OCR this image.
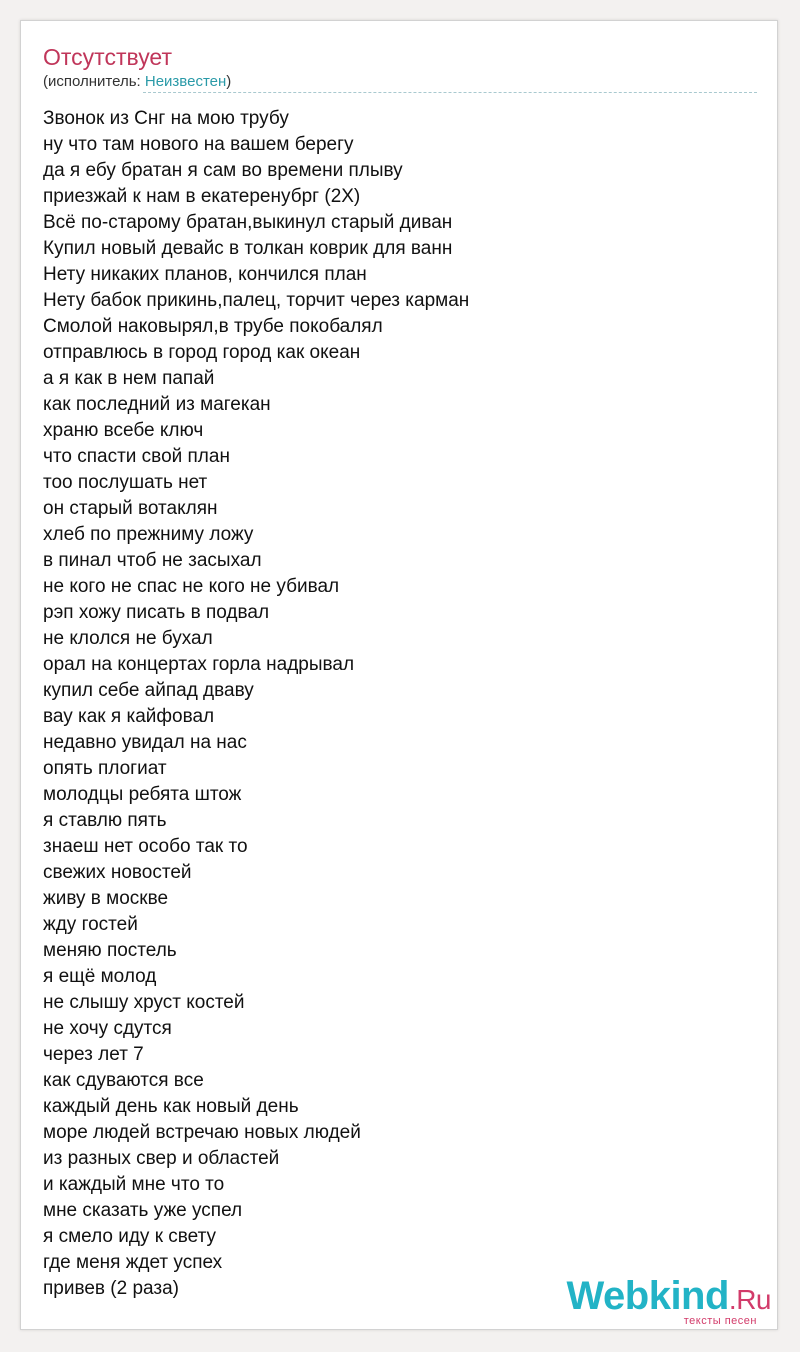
Отсутствует
(исполнитель: Неизвестен)
Звонок из Снг на мою трубу
ну что там нового на вашем берегу
да я ебу братан я сам во времени плыву
приезжай к нам в екатеренубрг (2Х)
Всё по-старому братан,выкинул старый диван
Купил новый девайс в толкан коврик для ванн
Нету никаких планов, кончился план
Нету бабок прикинь,палец, торчит через карман
Смолой наковырял,в трубе покобалял
отправлюсь в город город как океан
а я как в нем папай
как последний из магекан
храню всебе ключ
что спасти свой план
тоо послушать нет
он старый вотаклян
хлеб по прежниму ложу
в пинал чтоб не засыхал
не кого не спас не кого не убивал
рэп хожу писать в подвал
не клолся не бухал
орал на концертах горла надрывал
купил себе айпад дваву
вау как я кайфовал
недавно увидал на нас
опять плогиат
молодцы ребята штож
я ставлю пять
знаеш нет особо так то
свежих новостей
живу в москве
жду гостей
меняю постель
я ещё молод
не слышу хруст костей
не хочу сдутся
через лет 7
как сдуваются все
каждый день как новый день
море людей встречаю новых людей
из разных свер и областей
и каждый мне что то
мне сказать уже успел
я смело иду к свету
где меня ждет успех
привев (2 раза)	Webkind.Ru
тексты песен
